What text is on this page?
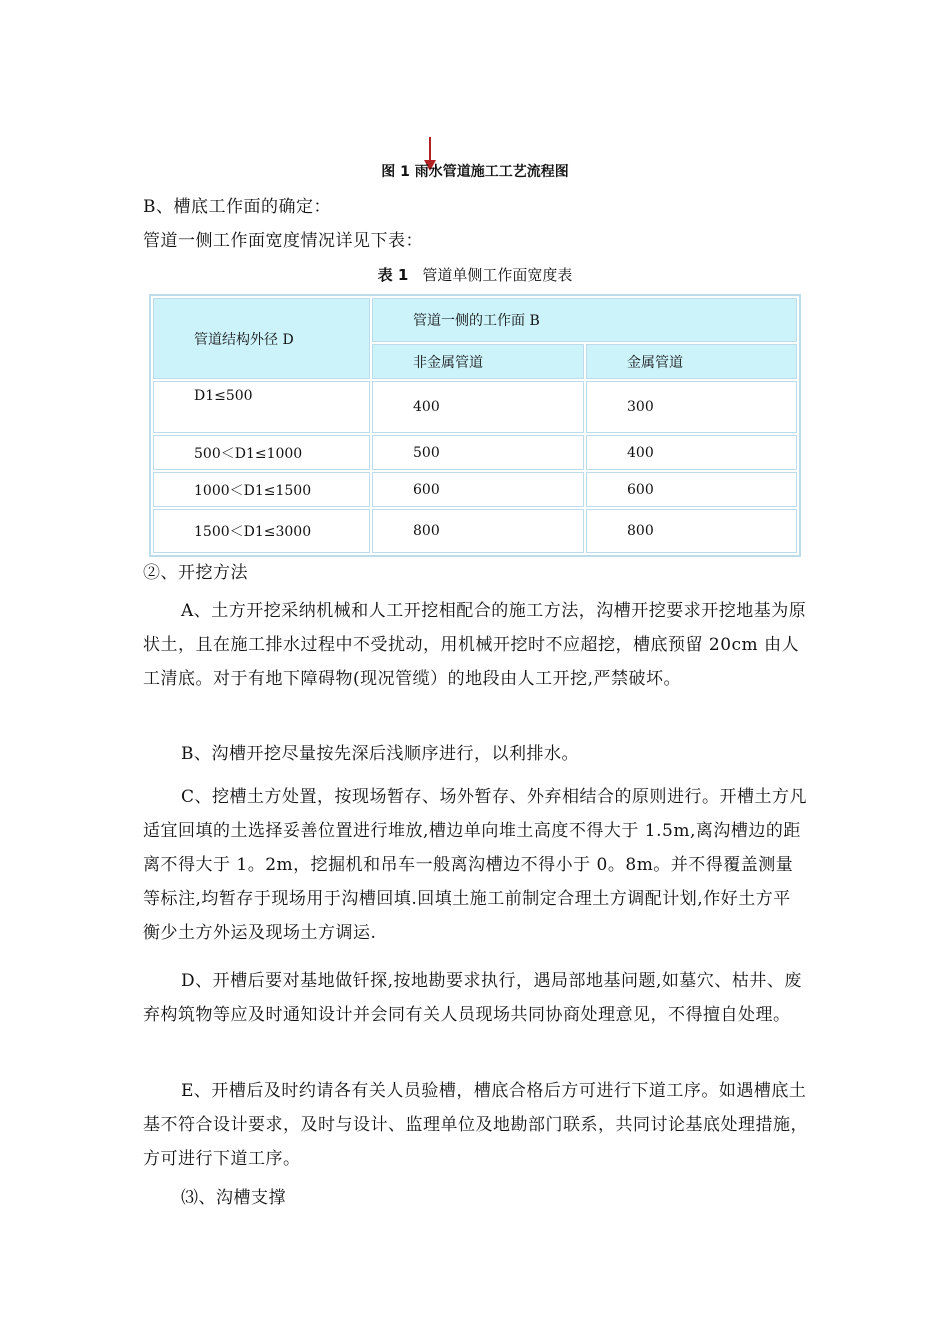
图 1 雨水管道施工工艺流程图
B、槽底工作面的确定：
管道一侧工作面宽度情况详见下表：
表 1 管道单侧工作面宽度表
管道结构外径 D	管道一侧的工作面 B	
	非金属管道	金属管道
D1≤500	400	300
500＜D1≤1000	500	400
1000＜D1≤1500	600	600
1500＜D1≤3000	800	800
②、开挖方法
A、土方开挖采纳机械和人工开挖相配合的施工方法，沟槽开挖要求开挖地基为原状土，且在施工排水过程中不受扰动，用机械开挖时不应超挖，槽底预留 20cm 由人工清底。对于有地下障碍物(现况管缆）的地段由人工开挖,严禁破坏。
B、沟槽开挖尽量按先深后浅顺序进行，以利排水。
C、挖槽土方处置，按现场暂存、场外暂存、外弃相结合的原则进行。开槽土方凡适宜回填的土选择妥善位置进行堆放,槽边单向堆土高度不得大于 1.5m,离沟槽边的距离不得大于 1。2m，挖掘机和吊车一般离沟槽边不得小于 0。8m。并不得覆盖测量等标注,均暂存于现场用于沟槽回填.回填土施工前制定合理土方调配计划,作好土方平衡少土方外运及现场土方调运.
D、开槽后要对基地做钎探,按地勘要求执行，遇局部地基问题,如墓穴、枯井、废弃构筑物等应及时通知设计并会同有关人员现场共同协商处理意见，不得擅自处理。
E、开槽后及时约请各有关人员验槽，槽底合格后方可进行下道工序。如遇槽底土基不符合设计要求，及时与设计、监理单位及地勘部门联系，共同讨论基底处理措施，方可进行下道工序。
⑶、沟槽支撑
